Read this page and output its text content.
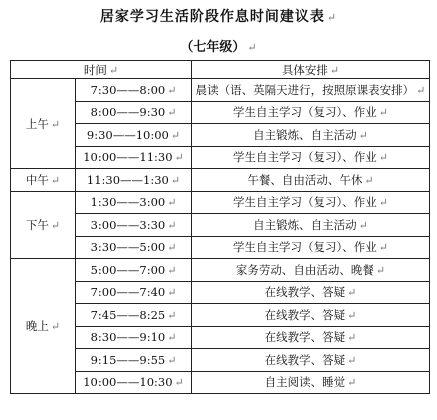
居家学习生活阶段作息时间建议表 ↵
（七年级） ↵
时间 ↵		具体安排 ↵
上午 ↵	7:30——8:00 ↵	晨读（语、英隔天进行，按照原课表安排） ↵
	8:00——9:30 ↵	学生自主学习（复习）、作业 ↵
	9:30——10:00 ↵	自主锻炼、自主活动 ↵
	10:00——11:30 ↵	学生自主学习（复习）、作业 ↵
中午 ↵	11:30——1:30 ↵	午餐、自由活动、午休 ↵
下午 ↵	1:30——3:00 ↵	学生自主学习（复习）、作业 ↵
	3:00——3:30 ↵	自主锻炼、自主活动 ↵
	3:30——5:00 ↵	学生自主学习（复习）、作业 ↵
晚上 ↵	5:00——7:00 ↵	家务劳动、自由活动、晚餐 ↵
	7:00——7:40 ↵	在线教学、答疑 ↵
	7:45——8:25 ↵	在线教学、答疑 ↵
	8:30——9:10 ↵	在线教学、答疑 ↵
	9:15——9:55 ↵	在线教学、答疑 ↵
	10:00——10:30 ↵	自主阅读、睡觉 ↵
